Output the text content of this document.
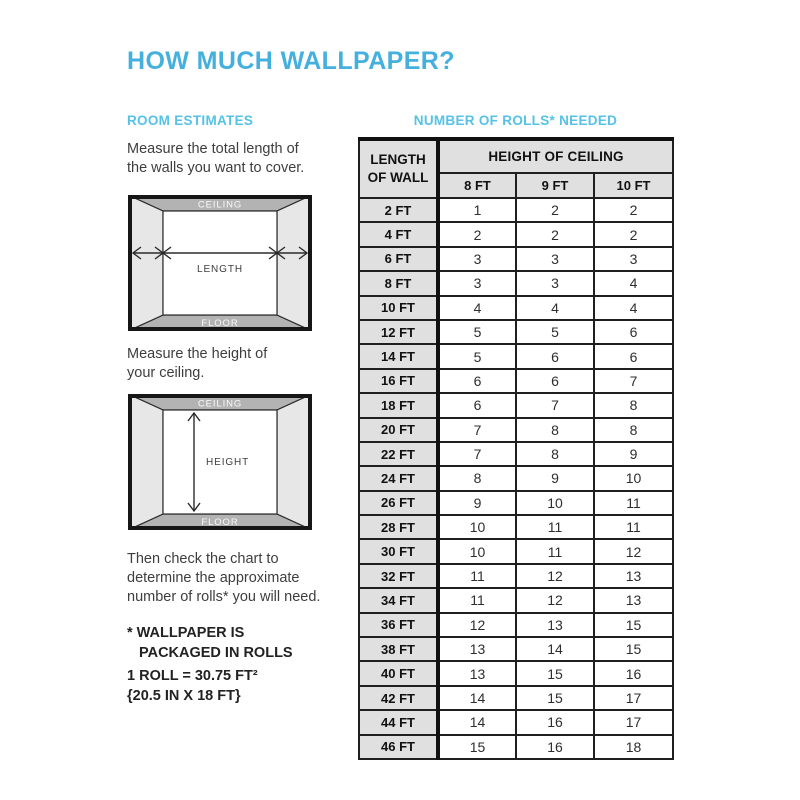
HOW MUCH WALLPAPER?
ROOM ESTIMATES	NUMBER OF ROLLS* NEEDED
Measure the total length of
the walls you want to cover.
CEILING
FLOOR
LENGTH
Measure the height of
your ceiling.
CEILING
FLOOR
HEIGHT
Then check the chart to
determine the approximate
number of rolls* you will need.
* WALLPAPER IS
PACKAGED IN ROLLS
1 ROLL = 30.75 FT²
{20.5 IN X 18 FT}
LENGTH
OF WALL	HEIGHT OF CEILING		
	8 FT	9 FT	10 FT
2 FT	1	2	2
4 FT	2	2	2
6 FT	3	3	3
8 FT	3	3	4
10 FT	4	4	4
12 FT	5	5	6
14 FT	5	6	6
16 FT	6	6	7
18 FT	6	7	8
20 FT	7	8	8
22 FT	7	8	9
24 FT	8	9	10
26 FT	9	10	11
28 FT	10	11	11
30 FT	10	11	12
32 FT	11	12	13
34 FT	11	12	13
36 FT	12	13	15
38 FT	13	14	15
40 FT	13	15	16
42 FT	14	15	17
44 FT	14	16	17
46 FT	15	16	18
